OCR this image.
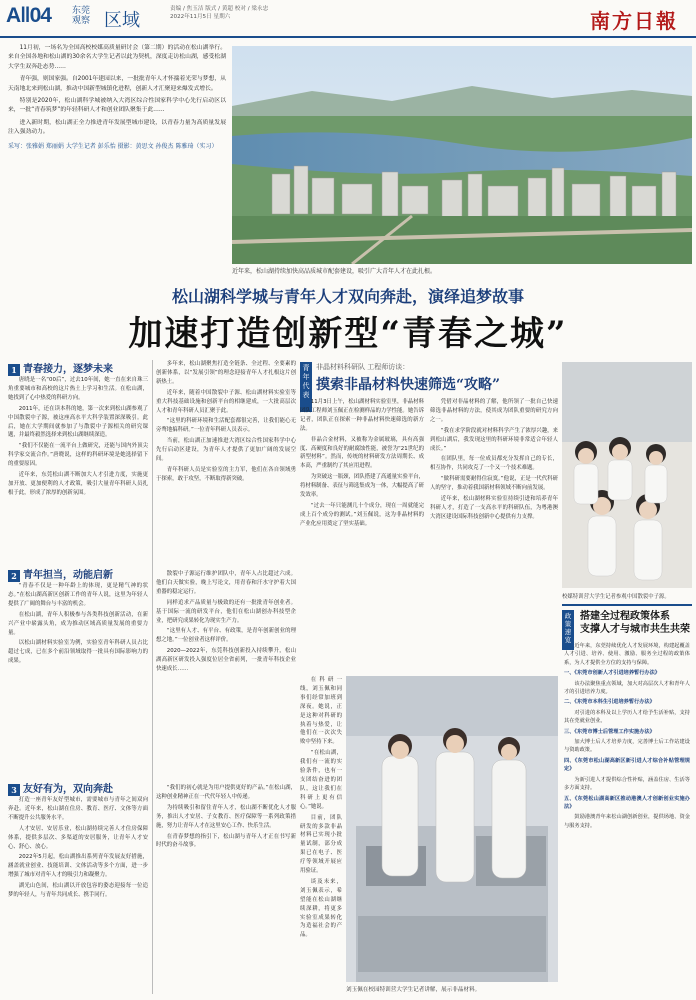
A‖04 东莞观察 区域
责编 / 焦玉洁 版式 / 黄超 校对 / 梁永忠
2022年11月5日 星期六	南方日報

11月初，一场名为全国高校校媒高质量研讨会（第二期）的活动在松山湖举行。来自全国各地和松山湖的30余名大学生记者以此为契机，深度走访松山湖，感受松湖大学生双奔赴态势……

青年强，则国家强。自2001年建园以来，一批批青年人才怀揣着光荣与梦想，从天南地北来到松山湖，推动中国新型城镇化进程，创新人才汇聚迎来爆发式增长。

特别是2020年，松山湖科学城被纳入大湾区综合性国家科学中心先行启动区以来，一批“青春筑梦”的年轻科研人才和创业团队聚集于此……

进入新时期，松山湖正全力推进青年发展型城市建设，以青春力量为高质量发展注入强劲动力。

采写：张雅娟 郑丽娟 大学生记者 彭乐怡 摄影：黄思文 孙俊杰 陈雅琦（实习）
近年来，松山湖持续加快高品质城市配套建设，吸引广大青年人才在此扎根。
松山湖科学城与青年人才双向奔赴，演绎追梦故事
加速打造创新型“青春之城”
1 青春接力，逐梦未来

唐晓是一名“00后”，过去10年间，她一直在来自珠三角重要城市和高校的这片热土上学习和生活。在松山湖，她找到了心中热爱的科研方向。

2011年，还在读本科的她，第一次来到松山湖参观了中国散裂中子源，被这座高水平大科学装置深深吸引。此后，她在大学期间就参加了与散裂中子源相关的研究课题，并最终毅然选择来到松山湖继续深造。

“我们不仅能在一流平台上做研究，还能与国内外顶尖科学家交流合作。”唐晓说，这样的科研环境是她选择留下的重要原因。

近年来，东莞松山湖不断加大人才引进力度，实施更加开放、更加便利的人才政策，吸引大量青年科研人员扎根于此，形成了浓厚的创新氛围。

2 青年担当，动能启新

“青春不仅是一种年龄上的体现，更是精气神的状态。”在松山湖高新区创新工作的青年人说，这里为年轻人提供了广阔的舞台与丰富的机会。

在松山湖，青年人积极参与各类科技创新活动，在新兴产业中崭露头角，成为推动区域高质量发展的重要力量。

以松山湖材料实验室为例，实验室青年科研人员占比超过七成，已在多个前沿领域取得一批具有国际影响力的成果。

3 友好有为，双向奔赴

打造一座青年友好型城市，需要城市与青年之间双向奔赴。近年来，松山湖在住房、教育、医疗、文体等方面不断提升公共服务水平。

人才安居、安居乐业，松山湖持续完善人才住房保障体系，提供多层次、多渠道的安居服务，让青年人才安心、舒心、放心。

2022年5月起，松山湖推出系列青年发展友好措施，涵盖就业创业、技能培训、文体活动等多个方面，进一步增强了城市对青年人才的吸引力和凝聚力。

湖光山色间，松山湖以开放包容的姿态迎接每一位追梦的年轻人，与青年共同成长、携手同行。

多年来，松山湖聚焦打造全链条、全过程、全要素的创新体系，以“发展引领”的理念迎接青年人才扎根这片创新热土。

近年来，随着中国散裂中子源、松山湖材料实验室等重大科技基础设施和创新平台的相继建成，一大批高层次人才和青年科研人员汇聚于此。

“这里的科研环境和生活配套都很完善，让我们能心无旁骛地搞科研。”一位青年科研人员表示。

当前，松山湖正加速推进大湾区综合性国家科学中心先行启动区建设，为青年人才提供了更加广阔的发展空间。

青年科研人员是实验室的主力军，他们在各自领域勇于探索，敢于攻坚，不断取得新突破。

散裂中子源运行维护团队中，青年人占比超过六成。他们白天做实验，晚上写论文，用青春和汗水守护着大国重器的稳定运行。

同样追求产品质量与极致的还有一批批青年创业者。基于国际一流的研发平台，他们在松山湖创办科技型企业，把研究成果转化为现实生产力。

“这里有人才、有平台、有政策，是青年创新创业的理想之地。”一位创业者这样评价。

2020—2022年，东莞科技创新投入持续攀升，松山湖高新区研发投入强度位居全省前列，一批青年科技企业快速成长……

“我们的初心就是为用户提供更好的产品。”在松山湖，这种创业精神正在一代代年轻人中传递。

为持续吸引和留住青年人才，松山湖不断优化人才服务，推出人才安居、子女教育、医疗保障等一系列政策措施，努力让青年人才在这里安心工作、快乐生活。

在青春梦想的指引下，松山湖与青年人才正在书写新时代的奋斗故事。

青年代表
非晶材料科研队 工程师访谈：
摸索非晶材料快速筛选“攻略”

11月3日上午，松山湖材料实验室里，非晶材料团队工程师刘玉佩正在检测样品的力学性能。她告诉记者，团队正在探索一种非晶材料快速筛选的新方法。

非晶合金材料，又被称为金属玻璃，具有高强度、高硬度和良好的耐腐蚀性能，被誉为“21世纪的新型材料”。然而，传统的材料研发方法周期长、成本高，严重制约了其应用进程。

为突破这一瓶颈，团队搭建了高通量实验平台，将材料制备、表征与筛选集成为一体，大幅提高了研发效率。

“过去一年只能测几十个成分，现在一周就能完成上百个成分的测试。”刘玉佩说，这为非晶材料的产业化应用奠定了坚实基础。

在科研一线，刘玉佩和同事们经常加班到深夜。她说，正是这种对科研的执着与热爱，让他们在一次次失败中坚持下来。

“在松山湖，我们有一流的实验条件，也有一支团结奋进的团队，这让我们在科研上更有信心。”她说。

目前，团队研发的多款非晶材料已实现小批量试制，部分成果已在电子、医疗等领域开展应用验证。

谈及未来，刘玉佩表示，希望能在松山湖继续深耕，将更多实验室成果转化为造福社会的产品。

凭借对非晶材料的了解，他所领了一批自己快速筛选非晶材料的方法，使其成为团队重要的研究方向之一。

“我在求学阶段就对材料科学产生了浓厚兴趣，来到松山湖后，我发现这里的科研环境非常适合年轻人成长。”

在团队里，每一位成员都充分发挥自己的专长，相互协作，共同攻克了一个又一个技术难题。

“做科研需要耐得住寂寞。”他说，正是一代代科研人的坚守，推动着我国新材料领域不断向前发展。

近年来，松山湖材料实验室持续引进和培养青年科研人才，打造了一支高水平的科研队伍，为粤港澳大湾区建设国际科技创新中心提供有力支撑。

刘玉佩在校园特训营大学生记者讲解，展示非晶材料。
校媒特训营大学生记者参观中国散裂中子源。
政策速览
搭建全过程政策体系
支撑人才与城市共生共荣

近年来，东莞持续优化人才发展环境，构建起覆盖人才引进、培养、使用、激励、服务全过程的政策体系，为人才提供全方位的支持与保障。

一、《东莞市创新人才引进培养暂行办法》

该办法聚焦重点领域，加大对高层次人才和青年人才的引进培养力度。

二、《东莞市本科生引进培养暂行办法》

对引进的本科及以上学历人才给予生活补贴，支持其在莞就业创业。

三、《东莞市博士后管理工作实施办法》

加大博士后人才培养力度，完善博士后工作站建设与资助政策。

四、《东莞市松山湖高新区新引进人才综合补贴管理规定》

为新引进人才提供综合性补贴，涵盖住房、生活等多方面支持。

五、《东莞松山湖高新区推动港澳人才创新创业实施办法》

鼓励港澳青年来松山湖创新创业，提供场地、资金与服务支持。
